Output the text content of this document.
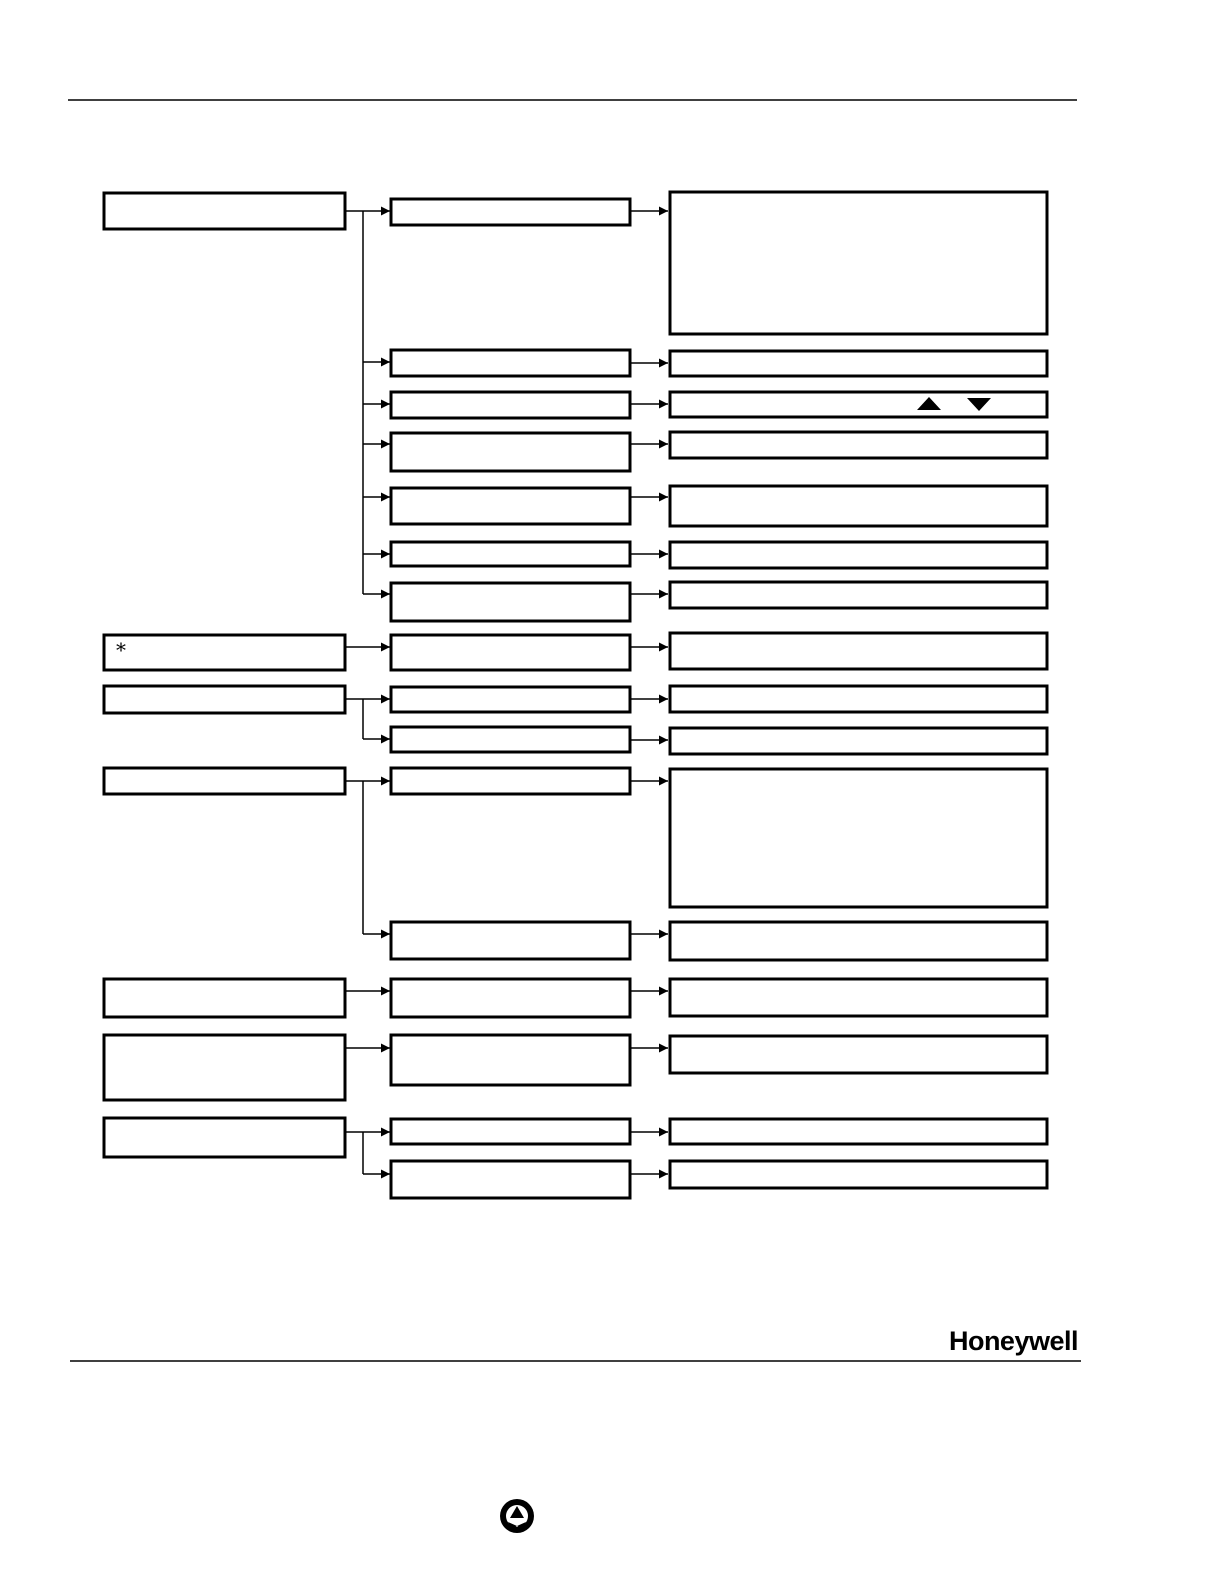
*
Honeywell
